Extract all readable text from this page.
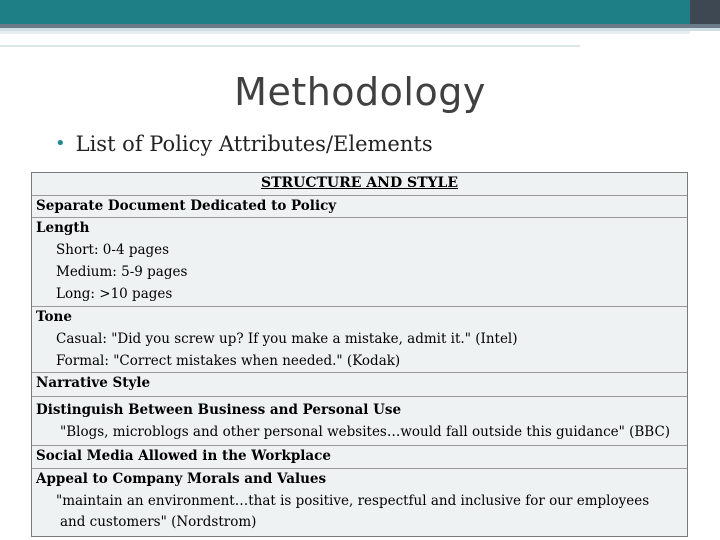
Methodology
• List of Policy Attributes/Elements
STRUCTURE AND STYLE
Separate Document Dedicated to Policy
Length
Short: 0-4 pages
Medium: 5-9 pages
Long: >10 pages
Tone
Casual: "Did you screw up? If you make a mistake, admit it." (Intel)
Formal: "Correct mistakes when needed." (Kodak)
Narrative Style
Distinguish Between Business and Personal Use
"Blogs, microblogs and other personal websites…would fall outside this guidance" (BBC)
Social Media Allowed in the Workplace
Appeal to Company Morals and Values
"maintain an environment…that is positive, respectful and inclusive for our employees
and customers" (Nordstrom)
